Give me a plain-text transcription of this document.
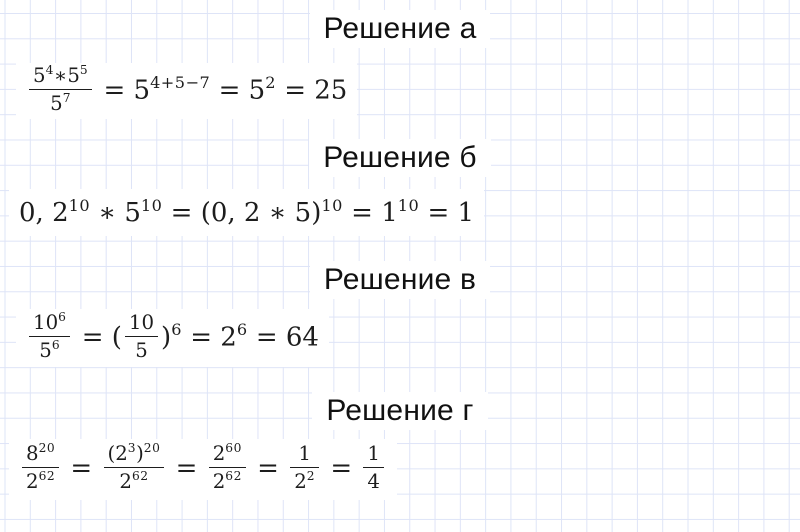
Решение а
$\frac{5^4∗5^5}{5^7} = 5^{4+5-7} = 5^2 = 25$
Решение б
0, $2^{10}$ ∗ $5^{10} = (0$, 2 ∗ $5)^{10} = 1^{10} = 1$
Решение в
$\frac{10^6}{5^6}$ = ( $\frac{10}{5} )^6 = 2^6 = 64$
Решение г
$\frac{8^{20}}{2^{62}} = \frac{(2^3)^{20}}{2^{62}} = \frac{2^{60}}{2^{62}} = \frac{1}{2^2} = \frac{1}{4}$
